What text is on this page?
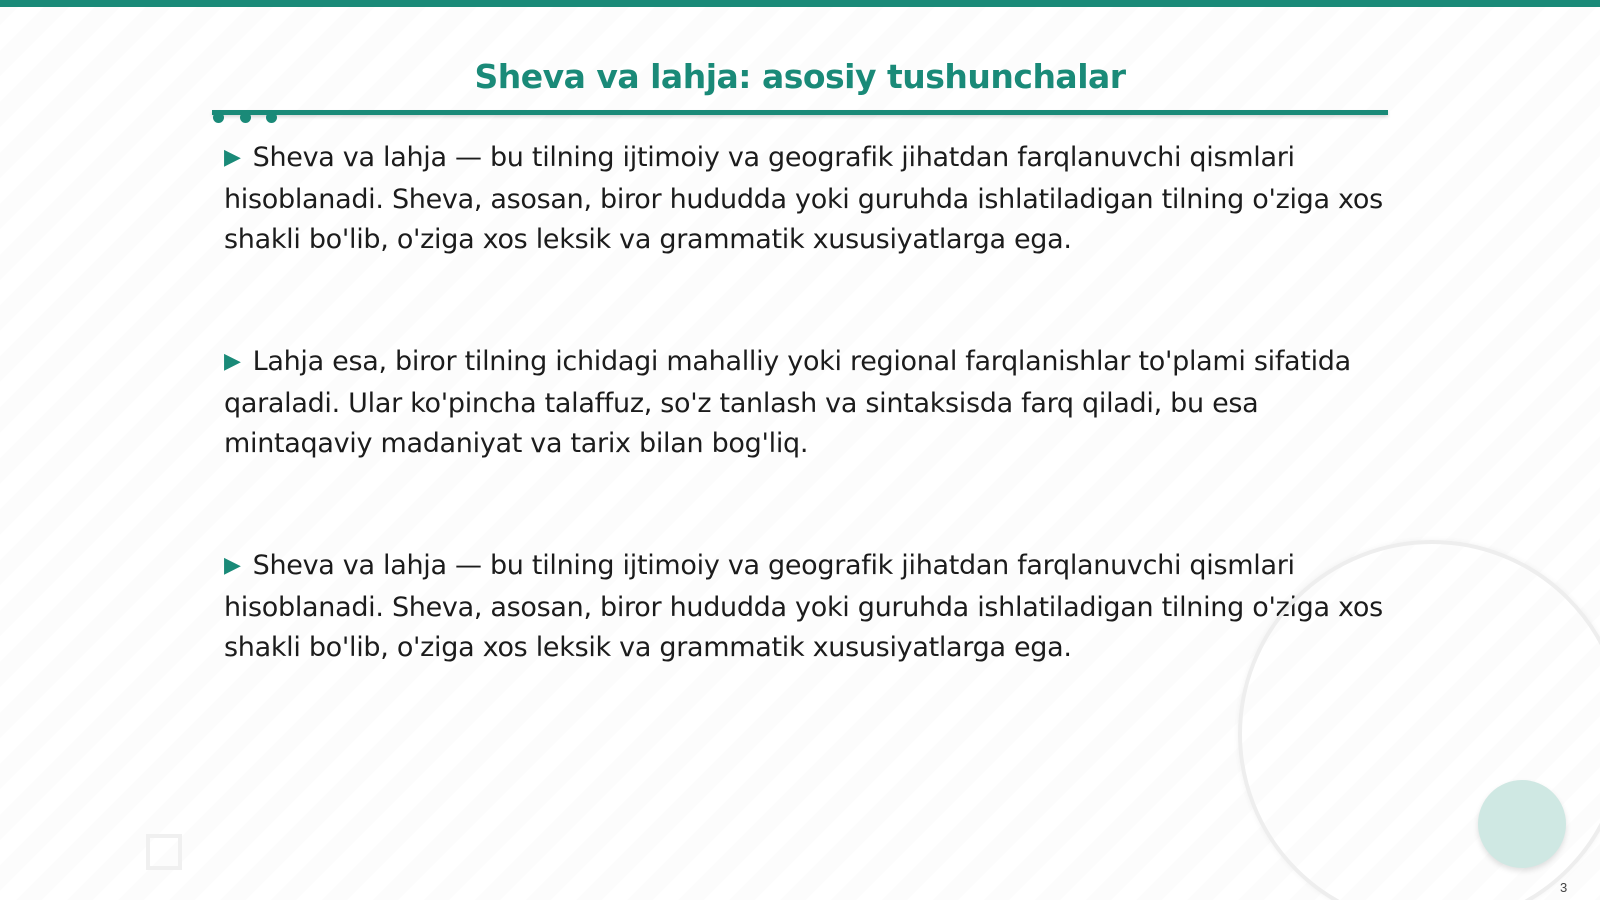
Sheva va lahja: asosiy tushunchalar

▶ Sheva va lahja — bu tilning ijtimoiy va geografik jihatdan farqlanuvchi qismlari hisoblanadi. Sheva, asosan, biror hududda yoki guruhda ishlatiladigan tilning o'ziga xos shakli bo'lib, o'ziga xos leksik va grammatik xususiyatlarga ega.

▶ Lahja esa, biror tilning ichidagi mahalliy yoki regional farqlanishlar to'plami sifatida qaraladi. Ular ko'pincha talaffuz, so'z tanlash va sintaksisda farq qiladi, bu esa mintaqaviy madaniyat va tarix bilan bog'liq.

▶ Sheva va lahja — bu tilning ijtimoiy va geografik jihatdan farqlanuvchi qismlari hisoblanadi. Sheva, asosan, biror hududda yoki guruhda ishlatiladigan tilning o'ziga xos shakli bo'lib, o'ziga xos leksik va grammatik xususiyatlarga ega.

3
